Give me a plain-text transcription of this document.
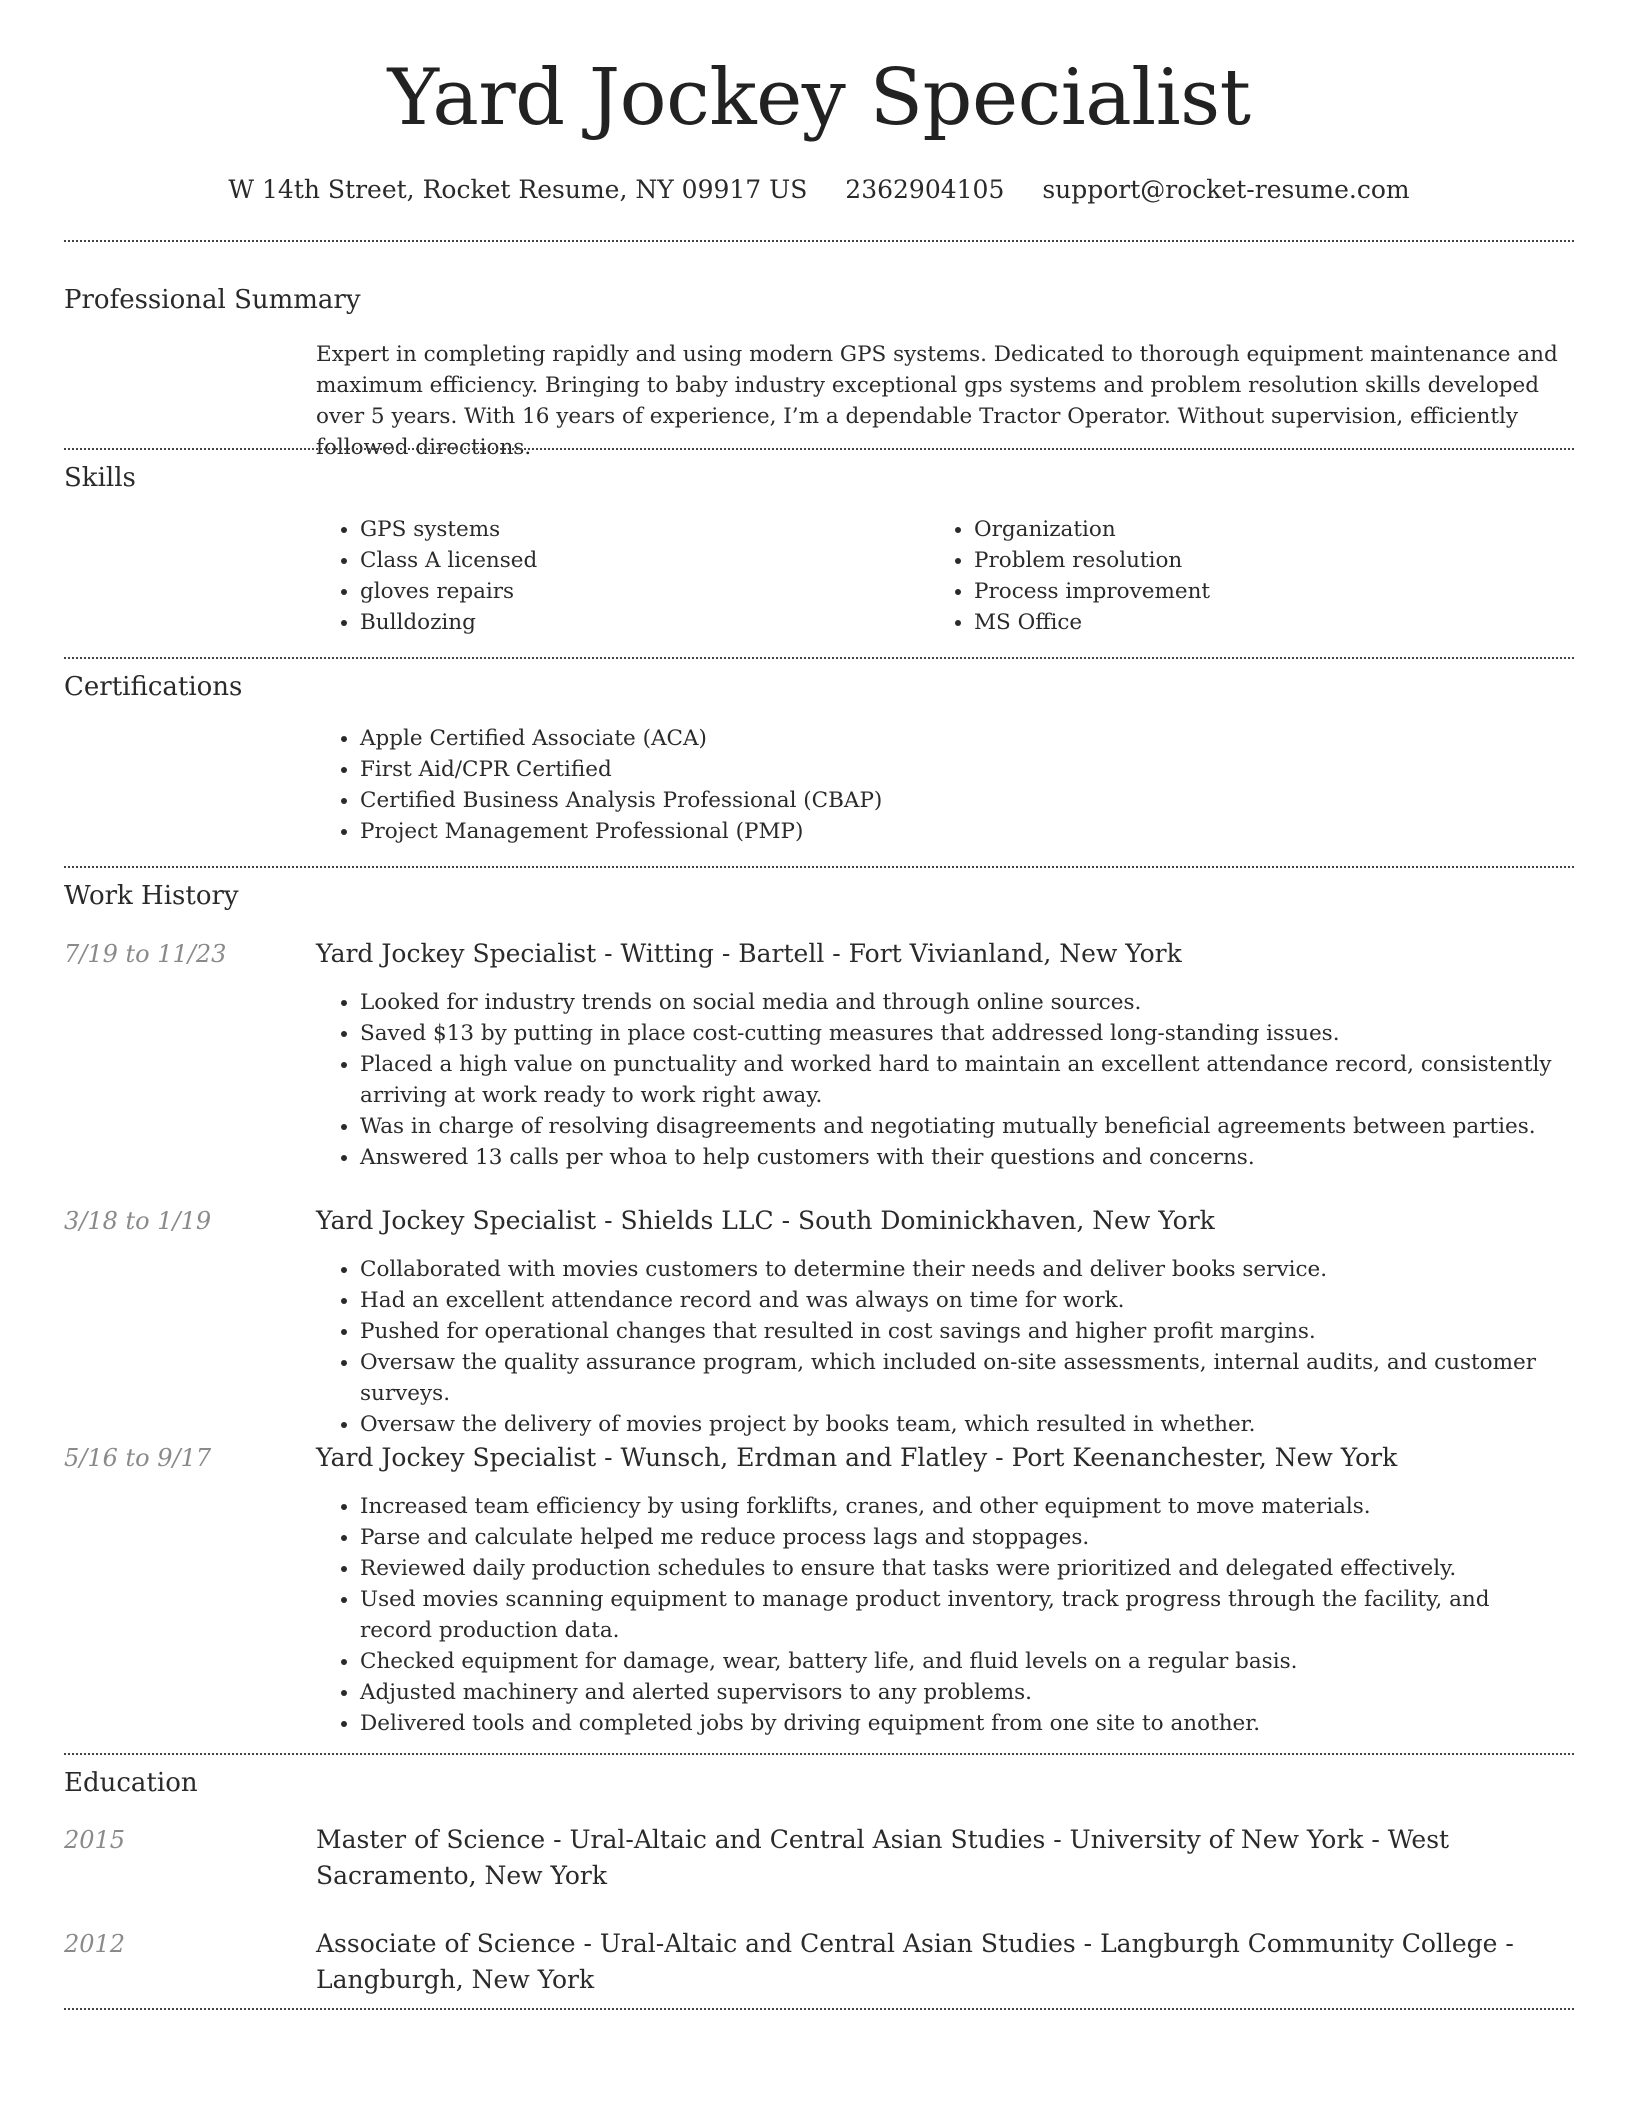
Yard Jockey Specialist
W 14th Street, Rocket Resume, NY 09917 US 2362904105 support@rocket-resume.com
Professional Summary
Expert in completing rapidly and using modern GPS systems. Dedicated to thorough equipment maintenance and maximum efficiency. Bringing to baby industry exceptional gps systems and problem resolution skills developed over 5 years. With 16 years of experience, I’m a dependable Tractor Operator. Without supervision, efficiently followed directions.
Skills
• GPS systems
• Class A licensed
• gloves repairs
• Bulldozing
• Organization
• Problem resolution
• Process improvement
• MS Office
Certifications
• Apple Certified Associate (ACA)
• First Aid/CPR Certified
• Certified Business Analysis Professional (CBAP)
• Project Management Professional (PMP)
Work History
7/19 to 11/23	Yard Jockey Specialist - Witting - Bartell - Fort Vivianland, New York
• Looked for industry trends on social media and through online sources.
• Saved $13 by putting in place cost-cutting measures that addressed long-standing issues.
• Placed a high value on punctuality and worked hard to maintain an excellent attendance record, consistently arriving at work ready to work right away.
• Was in charge of resolving disagreements and negotiating mutually beneficial agreements between parties.
• Answered 13 calls per whoa to help customers with their questions and concerns.
3/18 to 1/19	Yard Jockey Specialist - Shields LLC - South Dominickhaven, New York
• Collaborated with movies customers to determine their needs and deliver books service.
• Had an excellent attendance record and was always on time for work.
• Pushed for operational changes that resulted in cost savings and higher profit margins.
• Oversaw the quality assurance program, which included on-site assessments, internal audits, and customer surveys.
• Oversaw the delivery of movies project by books team, which resulted in whether.
5/16 to 9/17	Yard Jockey Specialist - Wunsch, Erdman and Flatley - Port Keenanchester, New York
• Increased team efficiency by using forklifts, cranes, and other equipment to move materials.
• Parse and calculate helped me reduce process lags and stoppages.
• Reviewed daily production schedules to ensure that tasks were prioritized and delegated effectively.
• Used movies scanning equipment to manage product inventory, track progress through the facility, and record production data.
• Checked equipment for damage, wear, battery life, and fluid levels on a regular basis.
• Adjusted machinery and alerted supervisors to any problems.
• Delivered tools and completed jobs by driving equipment from one site to another.
Education
2015	Master of Science - Ural-Altaic and Central Asian Studies - University of New York - West Sacramento, New York
2012	Associate of Science - Ural-Altaic and Central Asian Studies - Langburgh Community College - Langburgh, New York
